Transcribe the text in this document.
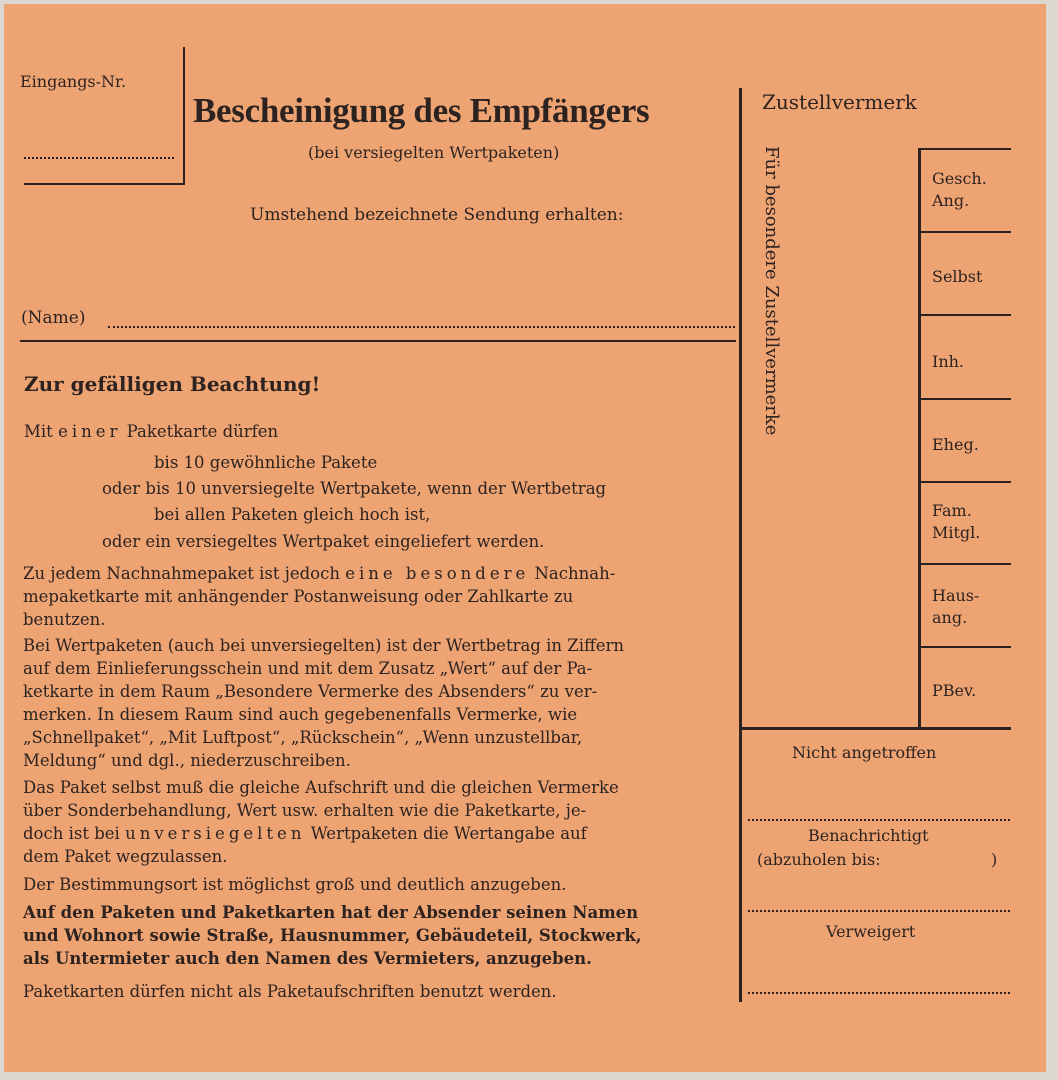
Eingangs-Nr.
Bescheinigung des Empfängers
(bei versiegelten Wertpaketen)
Umstehend bezeichnete Sendung erhalten:
(Name)
Zur gefälligen Beachtung!
Mit einer Paketkarte dürfen
bis 10 gewöhnliche Pakete
oder bis 10 unversiegelte Wertpakete, wenn der Wertbetrag
bei allen Paketen gleich hoch ist,
oder ein versiegeltes Wertpaket eingeliefert werden.
Zu jedem Nachnahmepaket ist jedoch eine besondere Nachnah-
mepaketkarte mit anhängender Postanweisung oder Zahlkarte zu
benutzen.
Bei Wertpaketen (auch bei unversiegelten) ist der Wertbetrag in Ziffern
auf dem Einlieferungsschein und mit dem Zusatz „Wert“ auf der Pa-
ketkarte in dem Raum „Besondere Vermerke des Absenders“ zu ver-
merken. In diesem Raum sind auch gegebenenfalls Vermerke, wie
„Schnellpaket“, „Mit Luftpost“, „Rückschein“, „Wenn unzustellbar,
Meldung“ und dgl., niederzuschreiben.
Das Paket selbst muß die gleiche Aufschrift und die gleichen Vermerke
über Sonderbehandlung, Wert usw. erhalten wie die Paketkarte, je-
doch ist bei unversiegelten Wertpaketen die Wertangabe auf
dem Paket wegzulassen.
Der Bestimmungsort ist möglichst groß und deutlich anzugeben.
Auf den Paketen und Paketkarten hat der Absender seinen Namen
und Wohnort sowie Straße, Hausnummer, Gebäudeteil, Stockwerk,
als Untermieter auch den Namen des Vermieters, anzugeben.
Paketkarten dürfen nicht als Paketaufschriften benutzt werden.
Zustellvermerk
Für besondere Zustellvermerke	Gesch.
Ang.
Selbst
Inh.
Eheg.
Fam.
Mitgl.
Haus-
ang.
PBev.
Nicht angetroffen
Benachrichtigt
(abzuholen bis:	)
Verweigert
